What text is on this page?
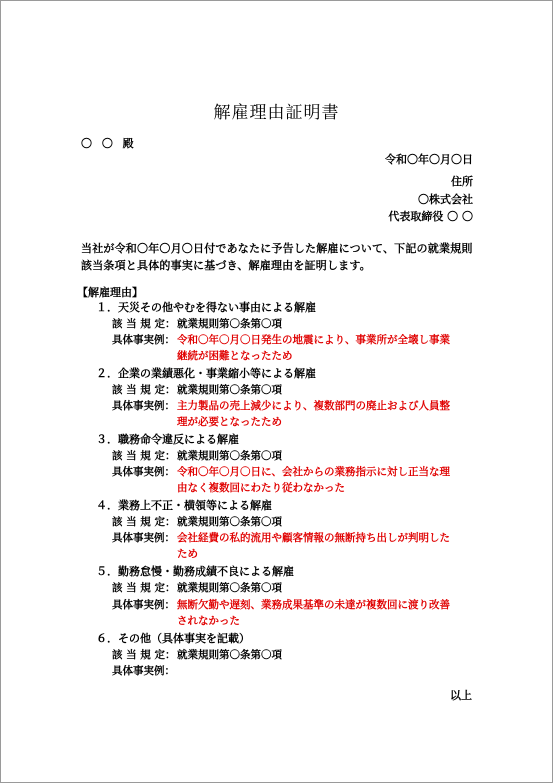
解雇理由証明書
〇 〇 殿
令和〇年〇月〇日
住所
〇株式会社
代表取締役 〇 〇
当社が令和〇年〇月〇日付であなたに予告した解雇について、下記の就業規則
該当条項と具体的事実に基づき、解雇理由を証明します。
【解雇理由】
１．天災その他やむを得ない事由による解雇
該 当 規 定： 就業規則第〇条第〇項
具体事実例： 令和〇年〇月〇日発生の地震により、事業所が全壊し事業
継続が困難となったため
２．企業の業績悪化・事業縮小等による解雇
該 当 規 定： 就業規則第〇条第〇項
具体事実例： 主力製品の売上減少により、複数部門の廃止および人員整
理が必要となったため
３．職務命令違反による解雇
該 当 規 定： 就業規則第〇条第〇項
具体事実例： 令和〇年〇月〇日に、会社からの業務指示に対し正当な理
由なく複数回にわたり従わなかった
４．業務上不正・横領等による解雇
該 当 規 定： 就業規則第〇条第〇項
具体事実例： 会社経費の私的流用や顧客情報の無断持ち出しが判明した
ため
５．勤務怠慢・勤務成績不良による解雇
該 当 規 定： 就業規則第〇条第〇項
具体事実例： 無断欠勤や遅刻、業務成果基準の未達が複数回に渡り改善
されなかった
６．その他（具体事実を記載）
該 当 規 定： 就業規則第〇条第〇項
具体事実例：
以上
